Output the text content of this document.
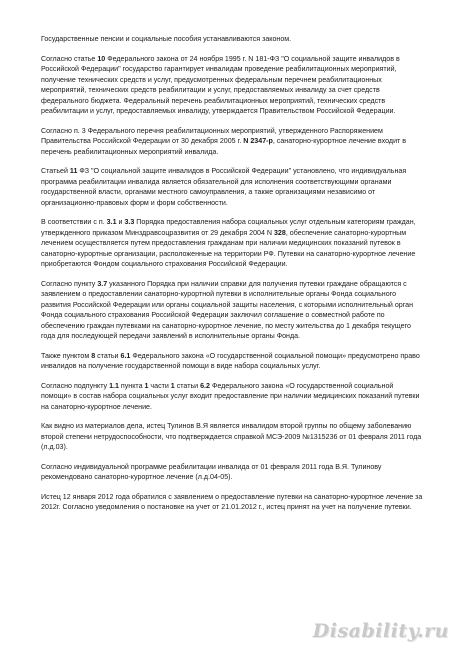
Государственные пенсии и социальные пособия устанавливаются законом.

Согласно статье 10 Федерального закона от 24 ноября 1995 г. N 181-ФЗ "О социальной защите инвалидов в Российской Федерации" государство гарантирует инвалидам проведение реабилитационных мероприятий, получение технических средств и услуг, предусмотренных федеральным перечнем реабилитационных мероприятий, технических средств реабилитации и услуг, предоставляемых инвалиду за счет средств федерального бюджета. Федеральный перечень реабилитационных мероприятий, технических средств реабилитации и услуг, предоставляемых инвалиду, утверждается Правительством Российской Федерации.

Согласно п. 3 Федерального перечня реабилитационных мероприятий, утвержденного Распоряжением Правительства Российской Федерации от 30 декабря 2005 г. N 2347-р, санаторно-курортное лечение входит в перечень реабилитационных мероприятий инвалида.

Статьей 11 ФЗ "О социальной защите инвалидов в Российской Федерации" установлено, что индивидуальная программа реабилитации инвалида является обязательной для исполнения соответствующими органами государственной власти, органами местного самоуправления, а также организациями независимо от организационно-правовых форм и форм собственности.

В соответствии с п. 3.1 и 3.3 Порядка предоставления набора социальных услуг отдельным категориям граждан, утвержденного приказом Минздравсоцразвития от 29 декабря 2004 N 328, обеспечение санаторно-курортным лечением осуществляется путем предоставления гражданам при наличии медицинских показаний путевок в санаторно-курортные организации, расположенные на территории РФ. Путевки на санаторно-курортное лечение приобретаются Фондом социального страхования Российской Федерации.

Согласно пункту 3.7 указанного Порядка при наличии справки для получения путевки граждане обращаются с заявлением о предоставлении санаторно-курортной путевки в исполнительные органы Фонда социального развития Российской Федерации или органы социальной защиты населения, с которыми исполнительный орган Фонда социального страхования Российской Федерации заключил соглашение о совместной работе по обеспечению граждан путевками на санаторно-курортное лечение, по месту жительства до 1 декабря текущего года для последующей передачи заявлений в исполнительные органы Фонда.

Также пунктом 8 статьи 6.1 Федерального закона «О государственной социальной помощи» предусмотрено право инвалидов на получение государственной помощи в виде набора социальных услуг.

Согласно подпункту 1.1 пункта 1 части 1 статьи 6.2 Федерального закона «О государственной социальной помощи» в состав набора социальных услуг входит предоставление при наличии медицинских показаний путевки на санаторно-курортное лечение.

Как видно из материалов дела, истец Тулинов В.Я является инвалидом второй группы по общему заболеванию второй степени нетрудоспособности, что подтверждается справкой МСЭ-2009 №1315236 от 01 февраля 2011 года (л.д.03).

Согласно индивидуальной программе реабилитации инвалида от 01 февраля 2011 года В.Я. Тулинову рекомендовано санаторно-курортное лечение (л.д.04-05).

Истец 12 января 2012 года обратился с заявлением о предоставление путевки на санаторно-курортное лечение за 2012г. Согласно уведомления о постановке на учет от 21.01.2012 г., истец принят на учет на получение путевки.

Disability.ru
